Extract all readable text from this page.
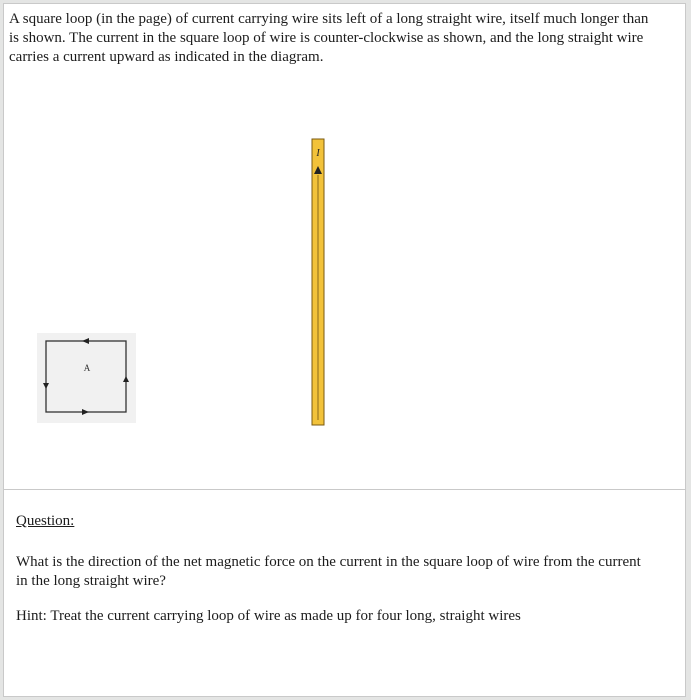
A square loop (in the page) of current carrying wire sits left of a long straight wire, itself much longer than is shown. The current in the square loop of wire is counter-clockwise as shown, and the long straight wire carries a current upward as indicated in the diagram.

A
I

Question:

What is the direction of the net magnetic force on the current in the square loop of wire from the current in the long straight wire?

Hint: Treat the current carrying loop of wire as made up for four long, straight wires
